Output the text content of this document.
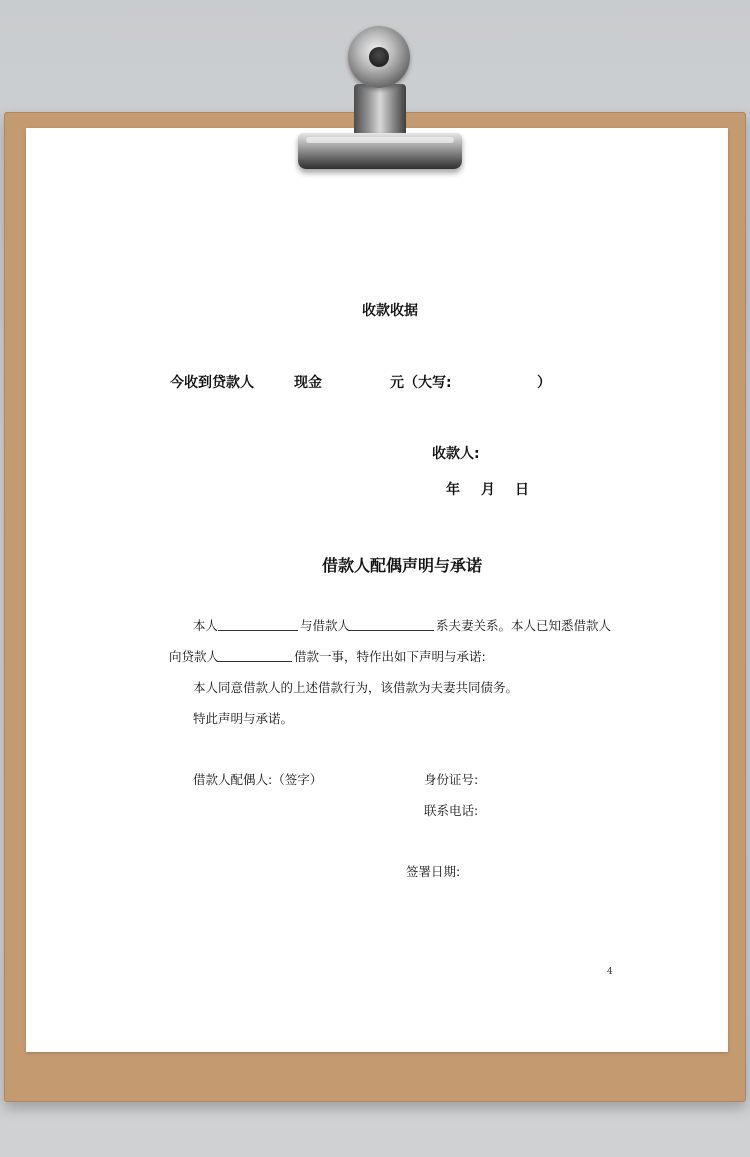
收款收据
今收到贷款人	现金	元（大写:	）
收款人:
年 月 日
借款人配偶声明与承诺
本人	与借款人	系夫妻关系。本人已知悉借款人
向贷款人	借款一事，特作出如下声明与承诺:
本人同意借款人的上述借款行为，该借款为夫妻共同债务。
特此声明与承诺。
借款人配偶人:（签字）	身份证号:
联系电话:
签署日期:
4
